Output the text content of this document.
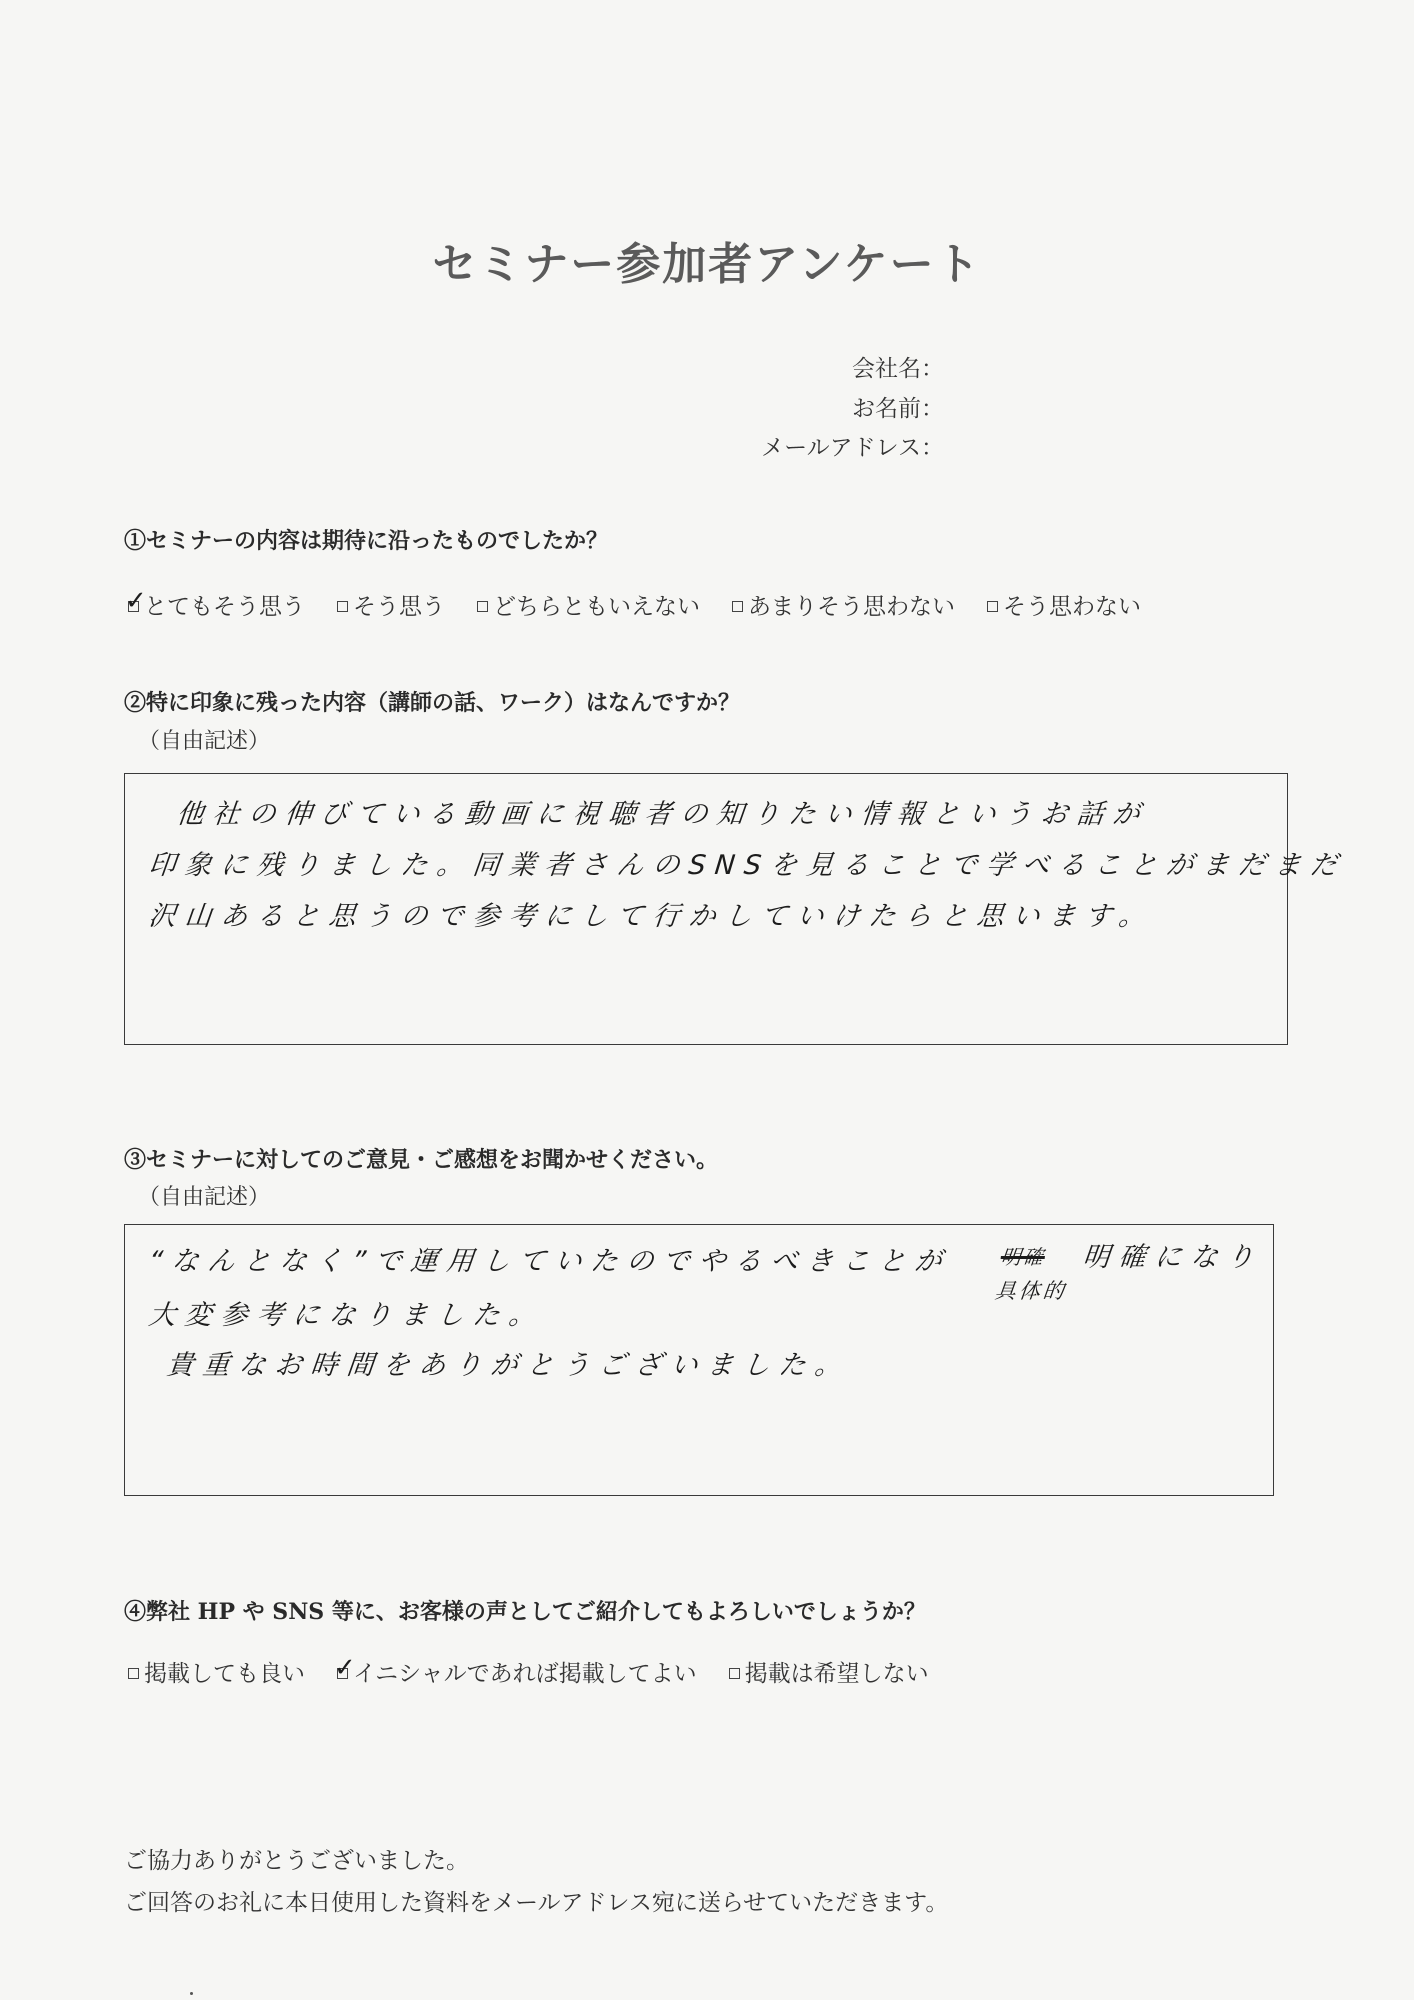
セミナー参加者アンケート
会社名：
お名前：
メールアドレス：
①セミナーの内容は期待に沿ったものでしたか？
✓
とてもそう思う そう思う どちらともいえない あまりそう思わない そう思わない
②特に印象に残った内容（講師の話、ワーク）はなんですか？
（自由記述）
他社の伸びている動画に視聴者の知りたい情報というお話が
印象に残りました。同業者さんのSNSを見ることで学べることがまだまだ
沢山あると思うので参考にして行かしていけたらと思います。
③セミナーに対してのご意見・ご感想をお聞かせください。
（自由記述）
“なんとなく”で運用していたのでやるべきことが 明確 明確になり
具体的
大変参考になりました。
貴重なお時間をありがとうございました。
④弊社 HP や SNS 等に、お客様の声としてご紹介してもよろしいでしょうか？
掲載しても良い ✓
イニシャルであれば掲載してよい 掲載は希望しない
ご協力ありがとうございました。
ご回答のお礼に本日使用した資料をメールアドレス宛に送らせていただきます。
